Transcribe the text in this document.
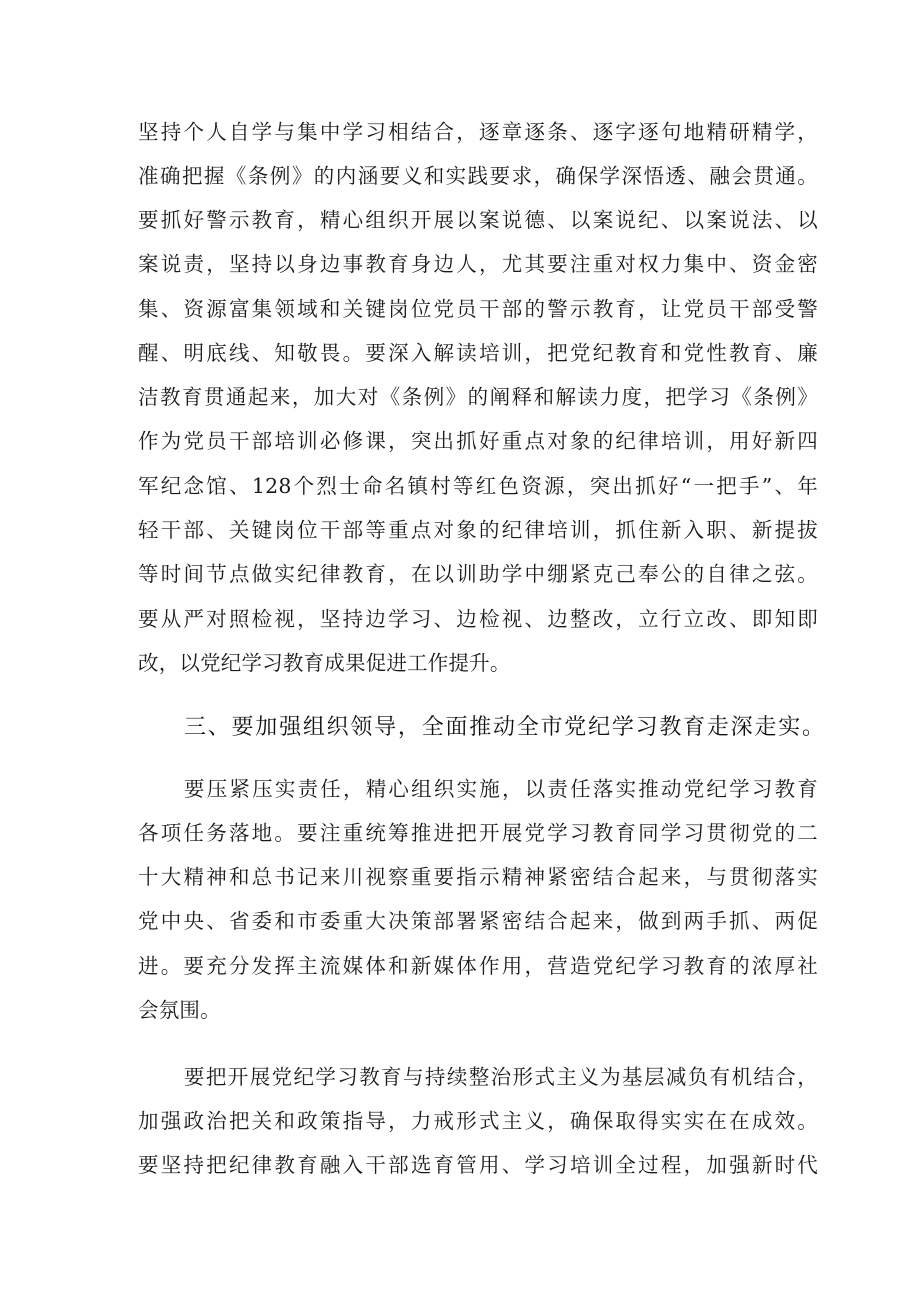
坚持个人自学与集中学习相结合，逐章逐条、逐字逐句地精研精学，
准确把握《条例》的内涵要义和实践要求，确保学深悟透、融会贯通。
要抓好警示教育，精心组织开展以案说德、以案说纪、以案说法、以
案说责，坚持以身边事教育身边人，尤其要注重对权力集中、资金密
集、资源富集领域和关键岗位党员干部的警示教育，让党员干部受警
醒、明底线、知敬畏。要深入解读培训，把党纪教育和党性教育、廉
洁教育贯通起来，加大对《条例》的阐释和解读力度，把学习《条例》
作为党员干部培训必修课，突出抓好重点对象的纪律培训，用好新四
军纪念馆、128个烈士命名镇村等红色资源，突出抓好“一把手”、年
轻干部、关键岗位干部等重点对象的纪律培训，抓住新入职、新提拔
等时间节点做实纪律教育，在以训助学中绷紧克己奉公的自律之弦。
要从严对照检视，坚持边学习、边检视、边整改，立行立改、即知即
改，以党纪学习教育成果促进工作提升。
三、要加强组织领导，全面推动全市党纪学习教育走深走实。
要压紧压实责任，精心组织实施，以责任落实推动党纪学习教育
各项任务落地。要注重统筹推进把开展党学习教育同学习贯彻党的二
十大精神和总书记来川视察重要指示精神紧密结合起来，与贯彻落实
党中央、省委和市委重大决策部署紧密结合起来，做到两手抓、两促
进。要充分发挥主流媒体和新媒体作用，营造党纪学习教育的浓厚社
会氛围。
要把开展党纪学习教育与持续整治形式主义为基层减负有机结合，
加强政治把关和政策指导，力戒形式主义，确保取得实实在在成效。
要坚持把纪律教育融入干部选育管用、学习培训全过程，加强新时代
